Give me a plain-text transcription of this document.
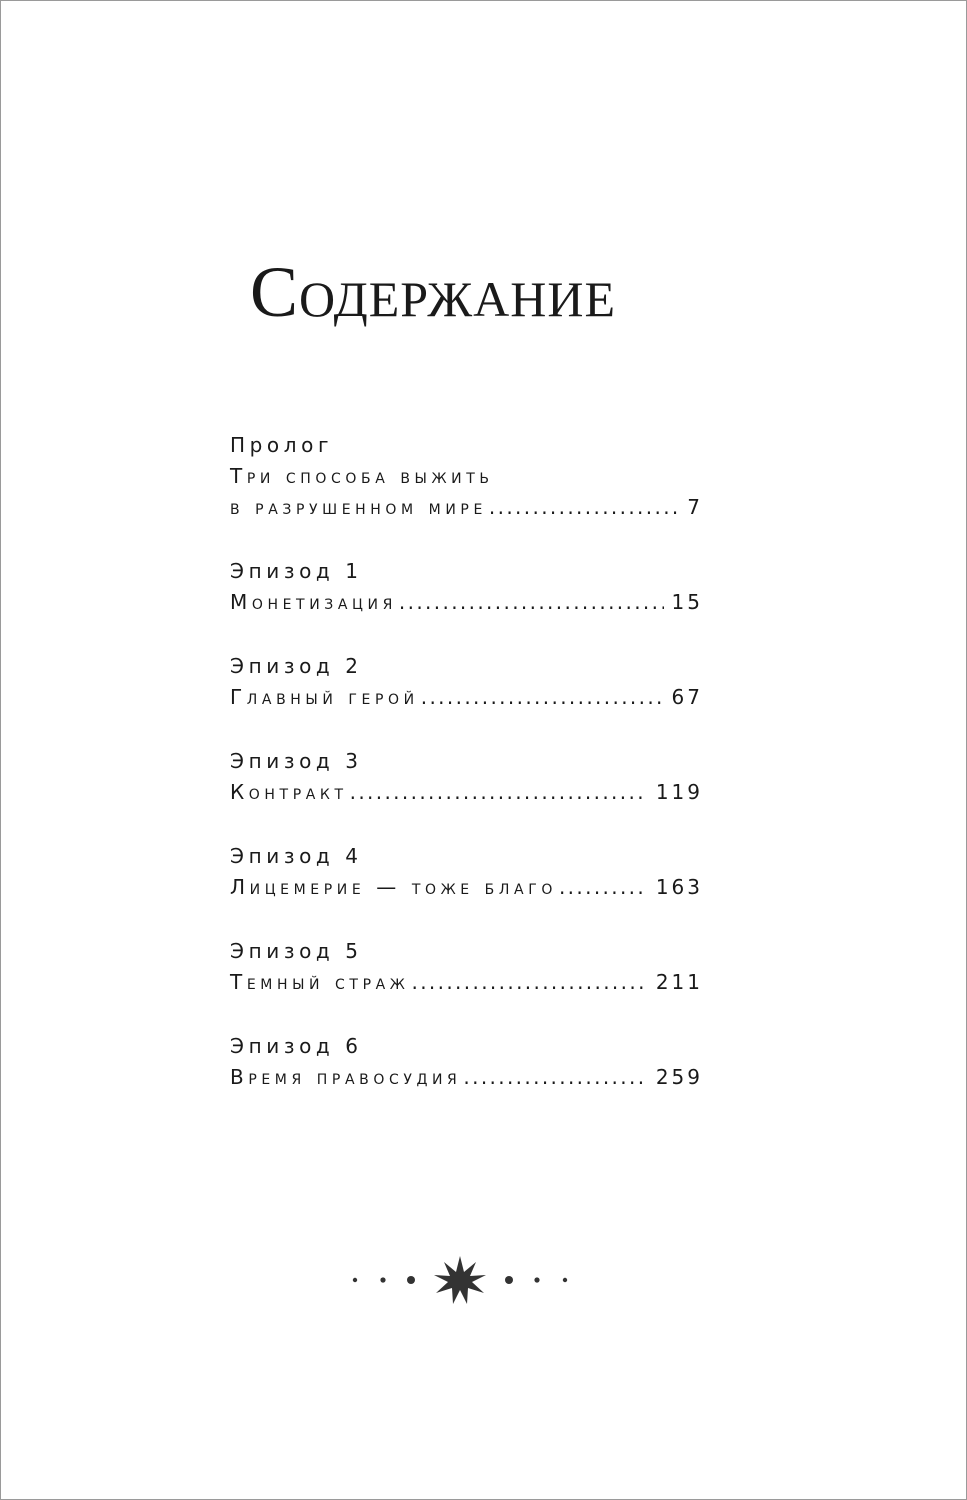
Содержание
Пролог
Три способа выжить
в разрушенном мире . . .	7
Эпизод 1
Монетизация . . .	15
Эпизод 2
Главный герой . . .	67
Эпизод 3
Контракт . . .	119
Эпизод 4
Лицемерие — тоже благо . . .	163
Эпизод 5
Темный страж . . .	211
Эпизод 6
Время правосудия . . .	259
